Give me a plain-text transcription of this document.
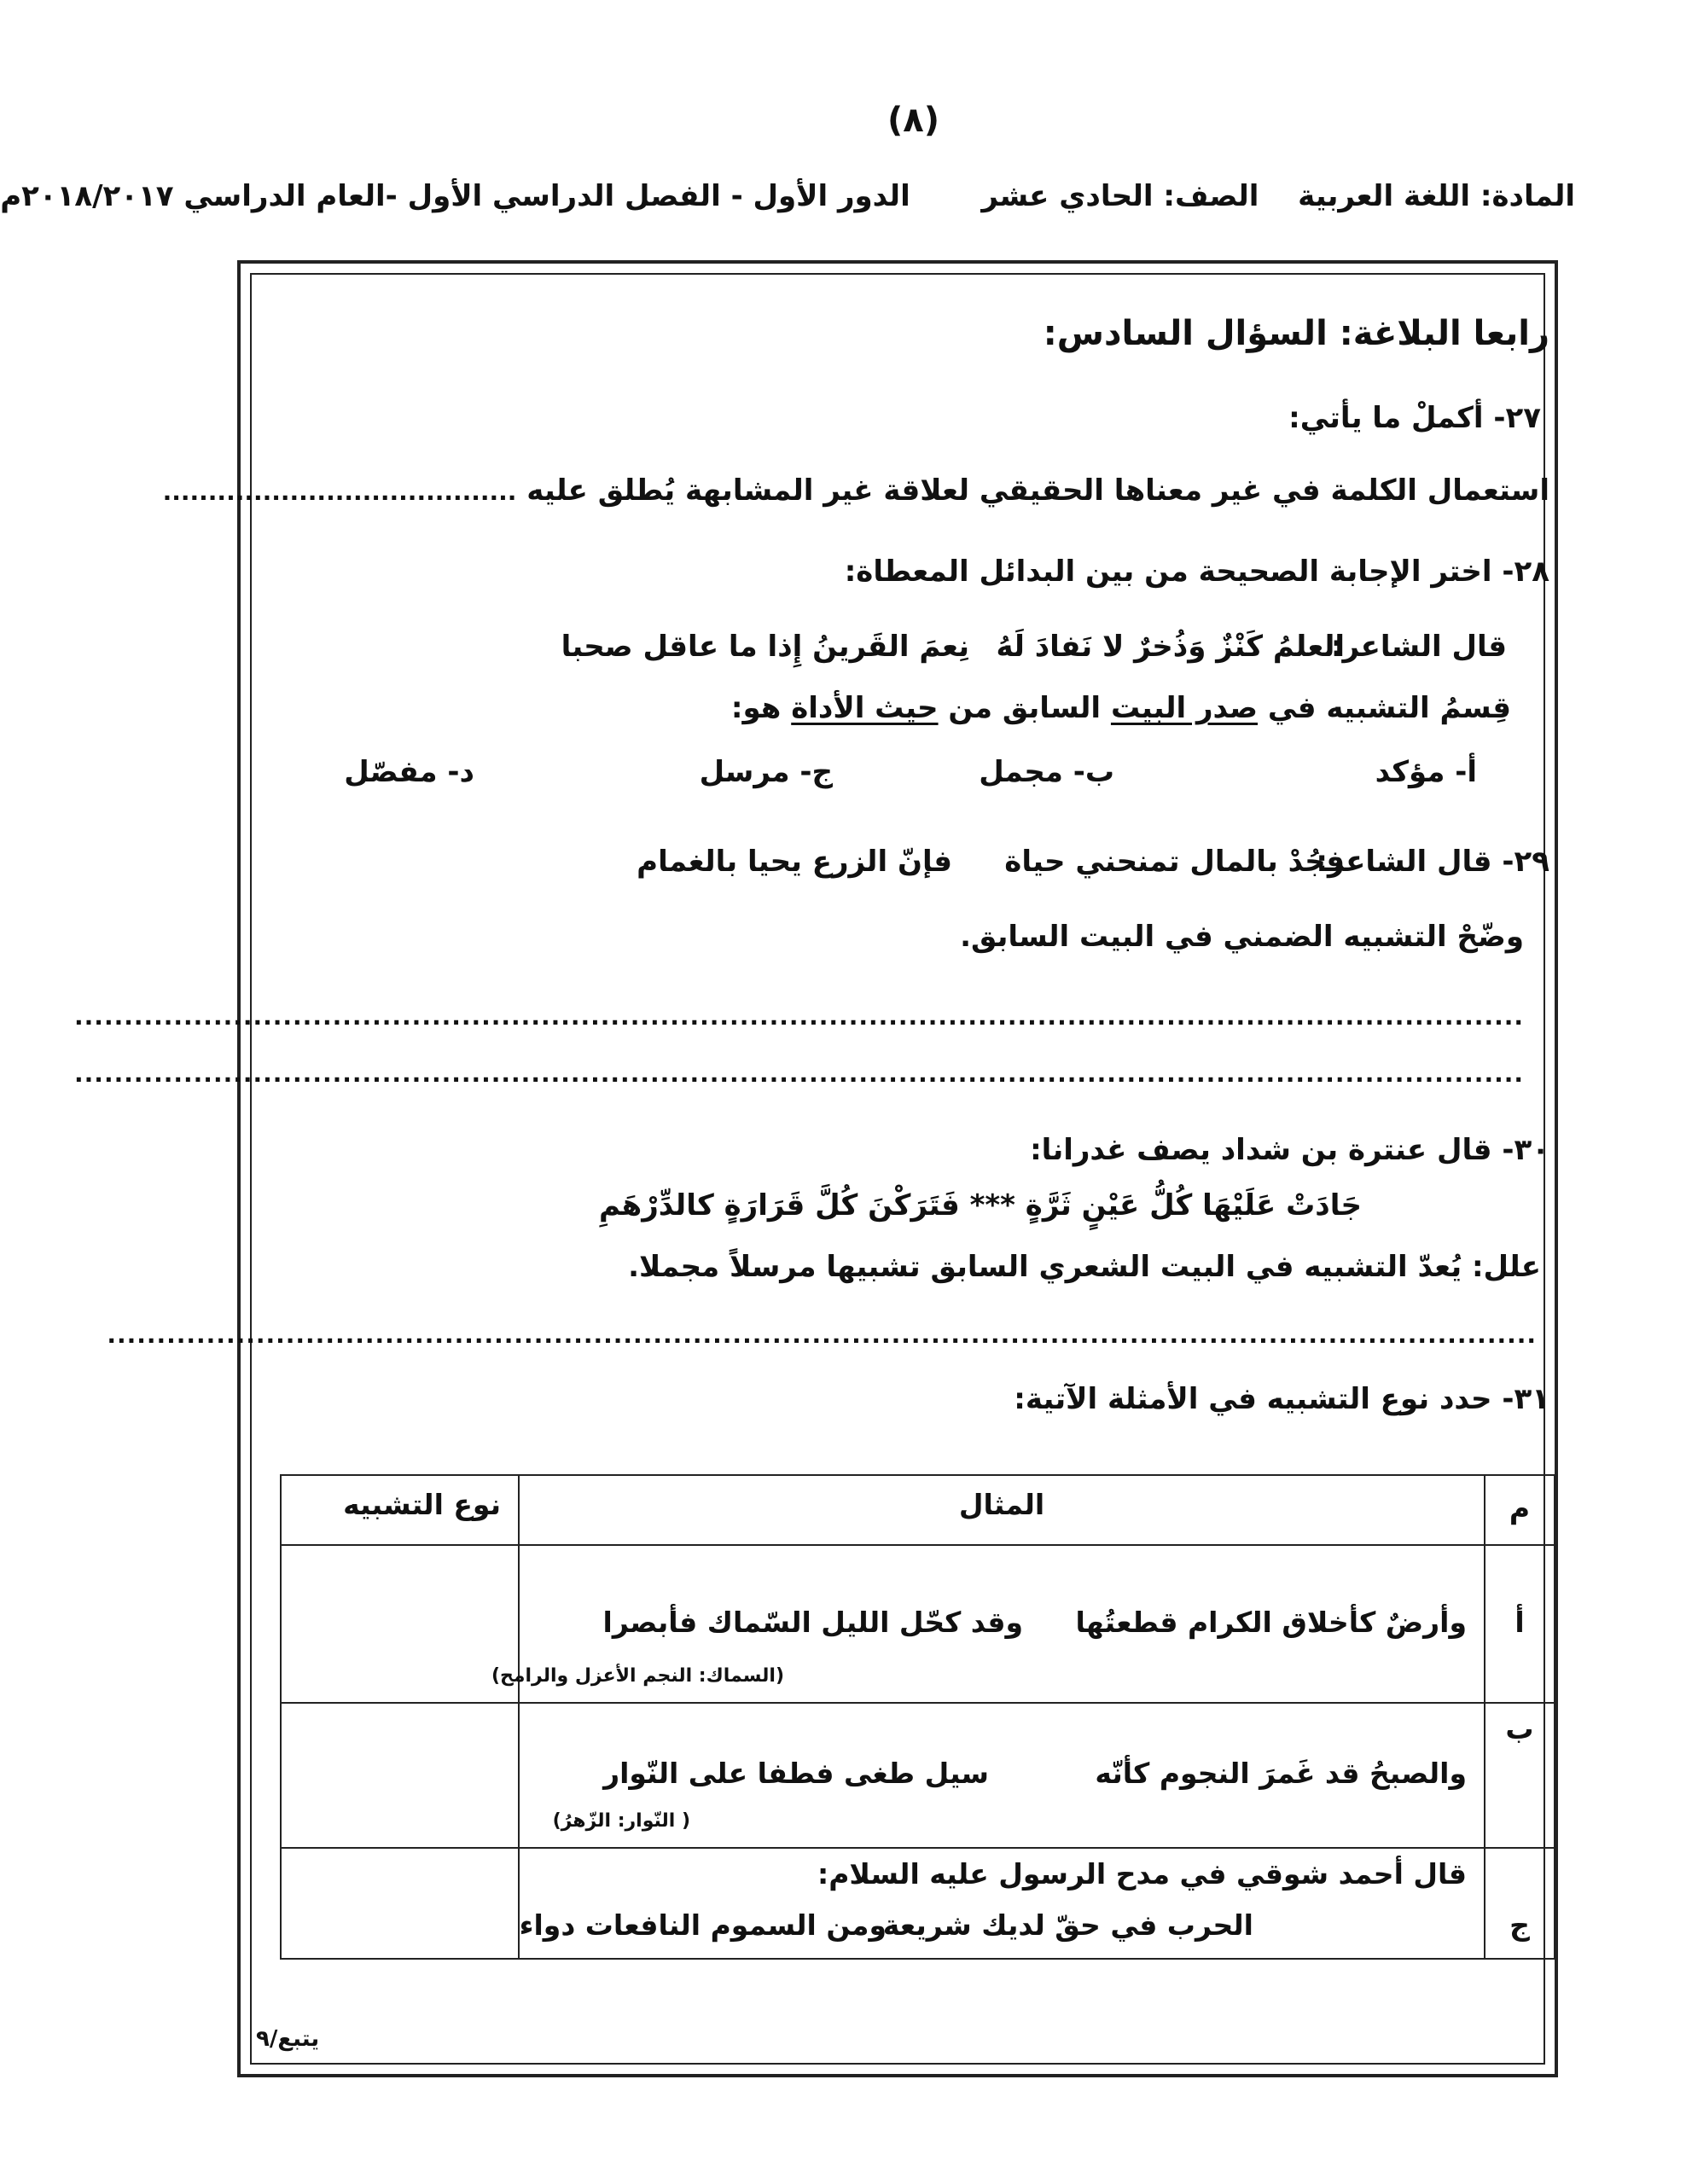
(٨)
المادة: اللغة العربية  الصف: الحادي عشر  الدور الأول - الفصل الدراسي الأول -العام الدراسي ٢٠١٨/٢٠١٧م
رابعا البلاغة: السؤال السادس:
٢٧- أكملْ ما يأتي:
استعمال الكلمة في غير معناها الحقيقي لعلاقة غير المشابهة يُطلق عليه .......................................
٢٨- اختر الإجابة الصحيحة من بين البدائل المعطاة:
قال الشاعر:
العلمُ كَنْزٌ وَذُخرٌ لا نَفادَ لَهُ
نِعمَ القَرينُ إِذا ما عاقل صحبا
قِسمُ التشبيه في صدر البيت السابق من حيث الأداة هو:
أ- مؤكد
ب- مجمل
ج- مرسل
د- مفصّل
٢٩- قال الشاعر:
فجُدْ بالمال تمنحني حياة
فإنّ الزرع يحيا بالغمام
وضّحْ التشبيه الضمني في البيت السابق.
..................................................................................................................................................
..................................................................................................................................................
٣٠- قال عنترة بن شداد يصف غدرانا:
جَادَتْ عَلَيْهَا كُلُّ عَيْنٍ ثَرَّةٍ *** فَتَرَكْنَ كُلَّ قَرَارَةٍ كالدِّرْهَمِ
علل: يُعدّ التشبيه في البيت الشعري السابق تشبيها مرسلاً مجملا.
................................................................................................................................................
٣١- حدد نوع التشبيه في الأمثلة الآتية:
م	المثال	نوع التشبيه
أ	وأرضٌ كأخلاق الكرام قطعتُها
وقد كحّل الليل السّماك فأبصرا
(السماك: النجم الأعزل والرامح)	

ب	والصبحُ قد غَمرَ النجوم كأنّه
سيل طغى فطفا على النّوار
( النّوار: الزّهرُ)	

ج	قال أحمد شوقي في مدح الرسول عليه السلام:
الحرب في حقّ لديك شريعة
ومن السموم النافعات دواء	

يتبع/٩
